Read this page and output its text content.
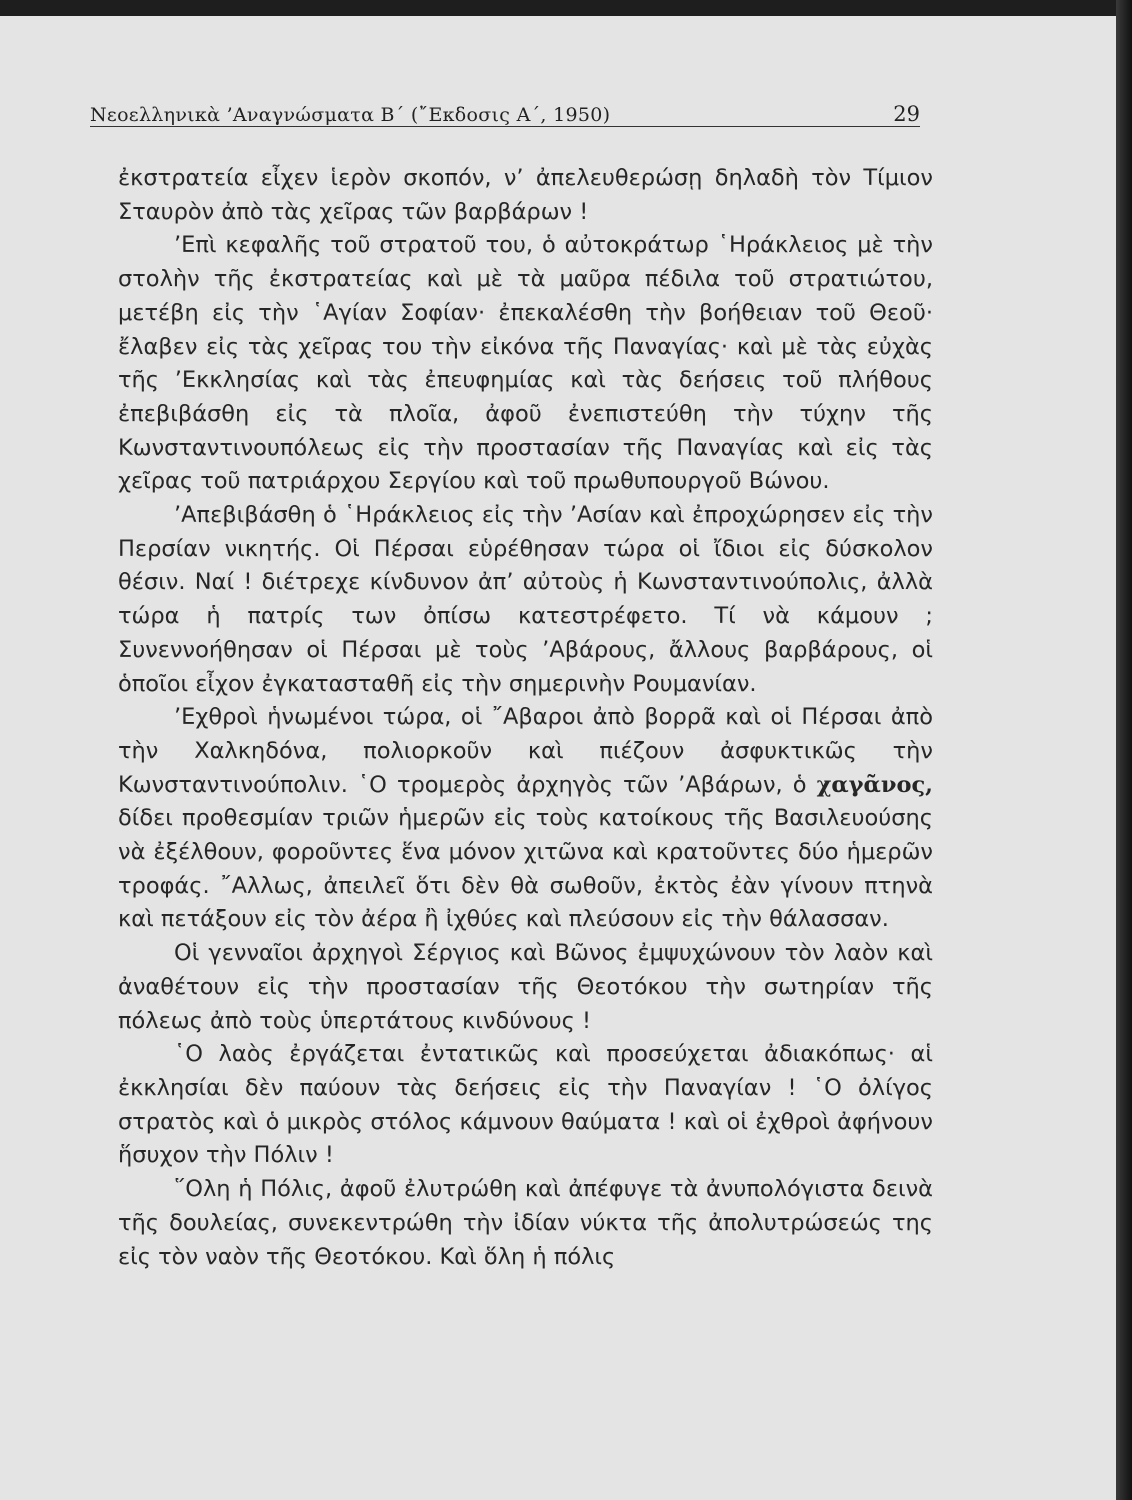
Νεοελληνικὰ ’Αναγνώσματα Β΄ (῎Εκδοσις Α΄, 1950)	29

ἐκστρατεία εἶχεν ἱερὸν σκοπόν, ν’ ἀπελευθερώσῃ δηλαδὴ τὸν Τίμιον Σταυρὸν ἀπὸ τὰς χεῖρας τῶν βαρβάρων !

’Επὶ κεφαλῆς τοῦ στρατοῦ του, ὁ αὐτοκράτωρ ῾Ηράκλειος μὲ τὴν στολὴν τῆς ἐκστρατείας καὶ μὲ τὰ μαῦρα πέδιλα τοῦ στρατιώτου, μετέβη εἰς τὴν ῾Αγίαν Σοφίαν· ἐπεκαλέσθη τὴν βοήθειαν τοῦ Θεοῦ· ἔλαβεν εἰς τὰς χεῖρας του τὴν εἰκόνα τῆς Παναγίας· καὶ μὲ τὰς εὐχὰς τῆς ’Εκκλησίας καὶ τὰς ἐπευφημίας καὶ τὰς δεήσεις τοῦ πλήθους ἐπεβιβάσθη εἰς τὰ πλοῖα, ἀφοῦ ἐνεπιστεύθη τὴν τύχην τῆς Κωνσταντινουπόλεως εἰς τὴν προστασίαν τῆς Παναγίας καὶ εἰς τὰς χεῖρας τοῦ πατριάρχου Σεργίου καὶ τοῦ πρωθυπουργοῦ Βώνου.

’Απεβιβάσθη ὁ ῾Ηράκλειος εἰς τὴν ’Ασίαν καὶ ἐπροχώρησεν εἰς τὴν Περσίαν νικητής. Οἱ Πέρσαι εὑρέθησαν τώρα οἱ ἴδιοι εἰς δύσκολον θέσιν. Ναί ! διέτρεχε κίνδυνον ἀπ’ αὐτοὺς ἡ Κωνσταντινούπολις, ἀλλὰ τώρα ἡ πατρίς των ὀπίσω κατεστρέφετο. Τί νὰ κάμουν ; Συνεννοήθησαν οἱ Πέρσαι μὲ τοὺς ’Αβάρους, ἄλλους βαρβάρους, οἱ ὁποῖοι εἶχον ἐγκατασταθῆ εἰς τὴν σημερινὴν Ρουμανίαν.

’Εχθροὶ ἡνωμένοι τώρα, οἱ ῎Αβαροι ἀπὸ βορρᾶ καὶ οἱ Πέρσαι ἀπὸ τὴν Χαλκηδόνα, πολιορκοῦν καὶ πιέζουν ἀσφυκτικῶς τὴν Κωνσταντινούπολιν. ῾Ο τρομερὸς ἀρχηγὸς τῶν ’Αβάρων, ὁ χαγᾶνος, δίδει προθεσμίαν τριῶν ἡμερῶν εἰς τοὺς κατοίκους τῆς Βασιλευούσης νὰ ἐξέλθουν, φοροῦντες ἕνα μόνον χιτῶνα καὶ κρατοῦντες δύο ἡμερῶν τροφάς. ῎Αλλως, ἀπειλεῖ ὅτι δὲν θὰ σωθοῦν, ἐκτὸς ἐὰν γίνουν πτηνὰ καὶ πετάξουν εἰς τὸν ἀέρα ἢ ἰχθύες καὶ πλεύσουν εἰς τὴν θάλασσαν.

Οἱ γενναῖοι ἀρχηγοὶ Σέργιος καὶ Βῶνος ἐμψυχώνουν τὸν λαὸν καὶ ἀναθέτουν εἰς τὴν προστασίαν τῆς Θεοτόκου τὴν σωτηρίαν τῆς πόλεως ἀπὸ τοὺς ὑπερτάτους κινδύνους !

῾Ο λαὸς ἐργάζεται ἐντατικῶς καὶ προσεύχεται ἀδιακόπως· αἱ ἐκκλησίαι δὲν παύουν τὰς δεήσεις εἰς τὴν Παναγίαν ! ῾Ο ὀλίγος στρατὸς καὶ ὁ μικρὸς στόλος κάμνουν θαύματα ! καὶ οἱ ἐχθροὶ ἀφήνουν ἥσυχον τὴν Πόλιν !

῞Ολη ἡ Πόλις, ἀφοῦ ἐλυτρώθη καὶ ἀπέφυγε τὰ ἀνυπολόγιστα δεινὰ τῆς δουλείας, συνεκεντρώθη τὴν ἰδίαν νύκτα τῆς ἀπολυτρώσεώς της εἰς τὸν ναὸν τῆς Θεοτόκου. Καὶ ὅλη ἡ πόλις
